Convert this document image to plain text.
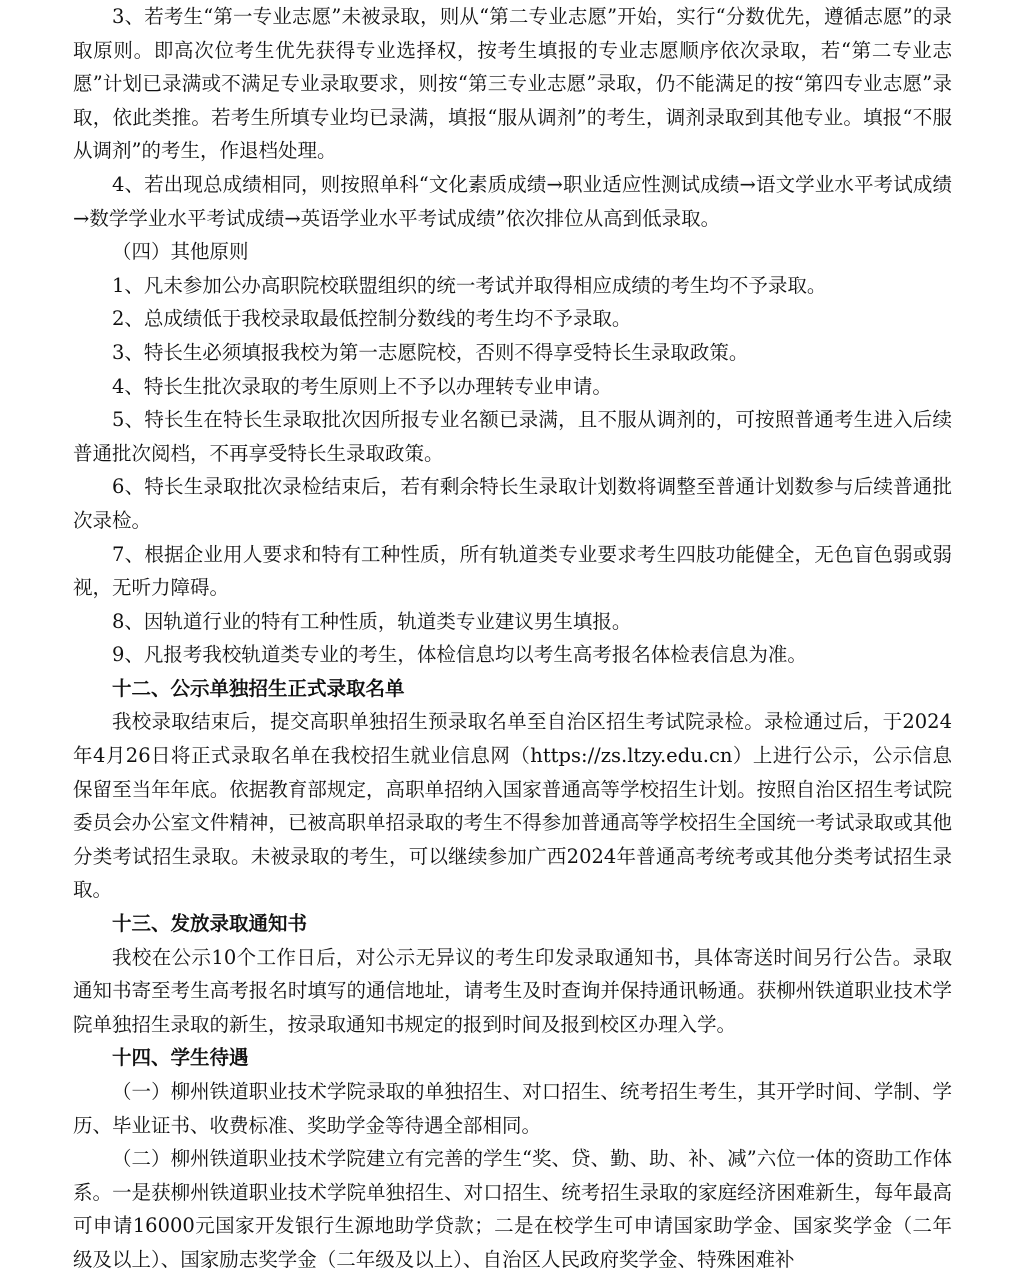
3、若考生“第一专业志愿”未被录取，则从“第二专业志愿”开始，实行“分数优先，遵循志愿”的录取原则。即高次位考生优先获得专业选择权，按考生填报的专业志愿顺序依次录取，若“第二专业志愿”计划已录满或不满足专业录取要求，则按“第三专业志愿”录取，仍不能满足的按“第四专业志愿”录取，依此类推。若考生所填专业均已录满，填报“服从调剂”的考生，调剂录取到其他专业。填报“不服从调剂”的考生，作退档处理。

4、若出现总成绩相同，则按照单科“文化素质成绩→职业适应性测试成绩→语文学业水平考试成绩→数学学业水平考试成绩→英语学业水平考试成绩”依次排位从高到低录取。

（四）其他原则

1、凡未参加公办高职院校联盟组织的统一考试并取得相应成绩的考生均不予录取。

2、总成绩低于我校录取最低控制分数线的考生均不予录取。

3、特长生必须填报我校为第一志愿院校，否则不得享受特长生录取政策。

4、特长生批次录取的考生原则上不予以办理转专业申请。

5、特长生在特长生录取批次因所报专业名额已录满，且不服从调剂的，可按照普通考生进入后续普通批次阅档，不再享受特长生录取政策。

6、特长生录取批次录检结束后，若有剩余特长生录取计划数将调整至普通计划数参与后续普通批次录检。

7、根据企业用人要求和特有工种性质，所有轨道类专业要求考生四肢功能健全，无色盲色弱或弱视，无听力障碍。

8、因轨道行业的特有工种性质，轨道类专业建议男生填报。

9、凡报考我校轨道类专业的考生，体检信息均以考生高考报名体检表信息为准。

十二、公示单独招生正式录取名单

我校录取结束后，提交高职单独招生预录取名单至自治区招生考试院录检。录检通过后，于2024年4月26日将正式录取名单在我校招生就业信息网（https://zs.ltzy.edu.cn）上进行公示，公示信息保留至当年年底。依据教育部规定，高职单招纳入国家普通高等学校招生计划。按照自治区招生考试院委员会办公室文件精神，已被高职单招录取的考生不得参加普通高等学校招生全国统一考试录取或其他分类考试招生录取。未被录取的考生，可以继续参加广西2024年普通高考统考或其他分类考试招生录取。

十三、发放录取通知书

我校在公示10个工作日后，对公示无异议的考生印发录取通知书，具体寄送时间另行公告。录取通知书寄至考生高考报名时填写的通信地址，请考生及时查询并保持通讯畅通。获柳州铁道职业技术学院单独招生录取的新生，按录取通知书规定的报到时间及报到校区办理入学。

十四、学生待遇

（一）柳州铁道职业技术学院录取的单独招生、对口招生、统考招生考生，其开学时间、学制、学历、毕业证书、收费标准、奖助学金等待遇全部相同。

（二）柳州铁道职业技术学院建立有完善的学生“奖、贷、勤、助、补、减”六位一体的资助工作体系。一是获柳州铁道职业技术学院单独招生、对口招生、统考招生录取的家庭经济困难新生，每年最高可申请16000元国家开发银行生源地助学贷款；二是在校学生可申请国家助学金、国家奖学金（二年级及以上）、国家励志奖学金（二年级及以上）、自治区人民政府奖学金、特殊困难补
